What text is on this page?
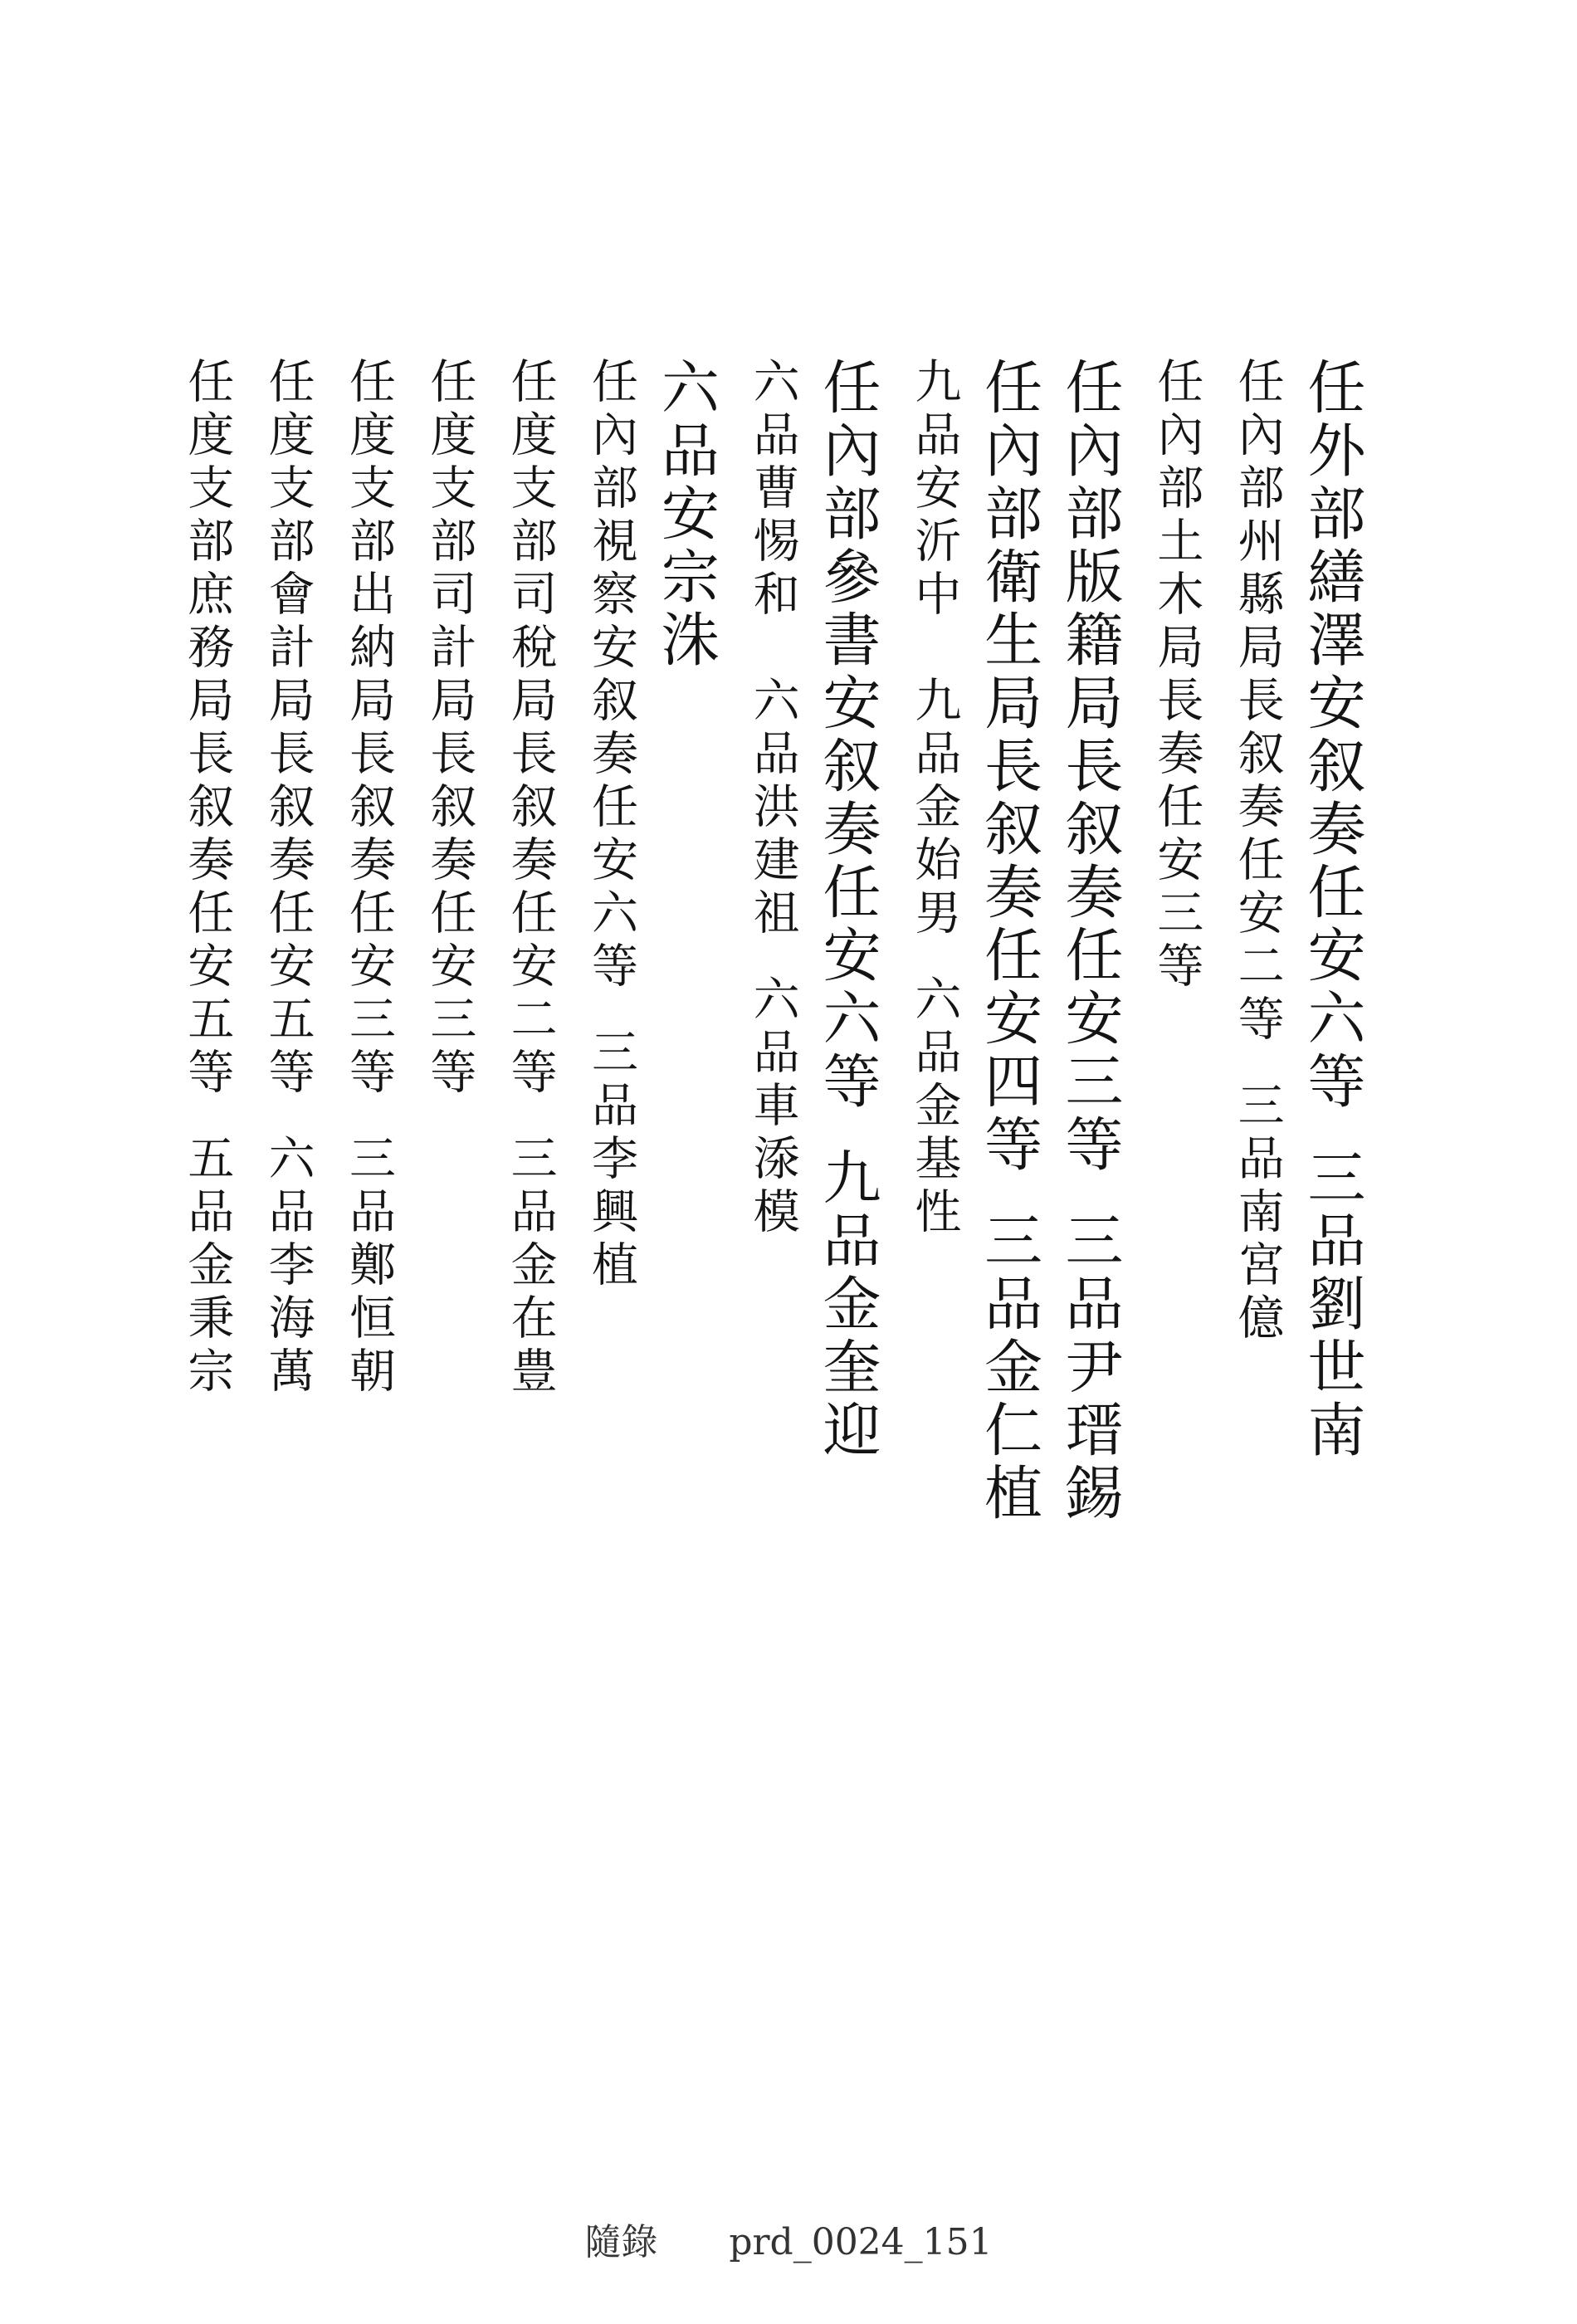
任外部繕澤安叙奏任安六等三品劉世南
任內部州縣局長叙奏任安二等三品南宮億
任內部土木局長奏任安三等
任內部版籍局長叙奏任安三等三品尹瑨錫
任內部衛生局長叙奏任安四等三品金仁植
九品安沂中　九品金始男六品金基性
任內部參書安叙奏任安六等九品金奎迎
六品曹惕和　六品洪建祖六品車𣷹模
六品安宗洙
任內部視察安叙奏任安六等三品李興植
任度支部司稅局長叙奏任安二等三品金在豊
任度支部司計局長叙奏任安三等
任度支部出納局長叙奏任安三等三品鄭恒朝
任度支部會計局長叙奏任安五等六品李海萬
任度支部庶務局長叙奏任安五等五品金秉宗
隨錄 prd_0024_151
